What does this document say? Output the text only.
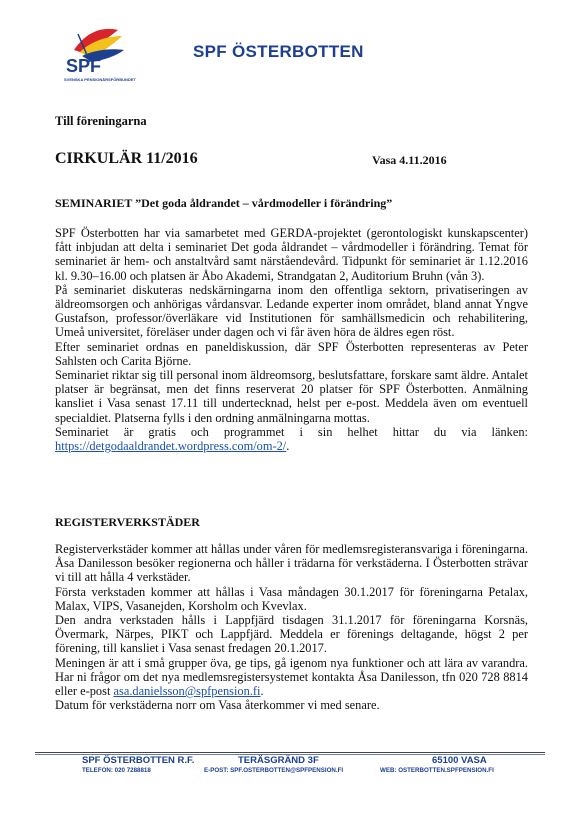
SPF
SVENSKA PENSIONÄRSFÖRBUNDET
SPF ÖSTERBOTTEN
Till föreningarna
CIRKULÄR 11/2016	Vasa 4.11.2016
SEMINARIET ”Det goda åldrandet – vårdmodeller i förändring”

SPF Österbotten har via samarbetet med GERDA-projektet (gerontologiskt kunskapscenter) fått inbjudan att delta i seminariet Det goda åldrandet – vårdmodeller i förändring. Temat för seminariet är hem- och anstaltvård samt närståendevård. Tidpunkt för seminariet är 1.12.2016 kl. 9.30–16.00 och platsen är Åbo Akademi, Strandgatan 2, Auditorium Bruhn (vån 3).

På seminariet diskuteras nedskärningarna inom den offentliga sektorn, privatiseringen av äldreomsorgen och anhörigas vårdansvar. Ledande experter inom området, bland annat Yngve Gustafson, professor/överläkare vid Institutionen för samhällsmedicin och rehabilitering, Umeå universitet, föreläser under dagen och vi får även höra de äldres egen röst.

Efter seminariet ordnas en paneldiskussion, där SPF Österbotten representeras av Peter Sahlsten och Carita Björne.

Seminariet riktar sig till personal inom äldreomsorg, beslutsfattare, forskare samt äldre. Antalet platser är begränsat, men det finns reserverat 20 platser för SPF Österbotten. Anmälning kansliet i Vasa senast 17.11 till undertecknad, helst per e-post. Meddela även om eventuell specialdiet. Platserna fylls i den ordning anmälningarna mottas.

Seminariet är gratis och programmet i sin helhet hittar du via länken: https://detgodaaldrandet.wordpress.com/om-2/.

REGISTERVERKSTÄDER

Registerverkstäder kommer att hållas under våren för medlemsregisteransvariga i föreningarna. Åsa Danilesson besöker regionerna och håller i trädarna för verkstäderna. I Österbotten strävar vi till att hålla 4 verkstäder.

Första verkstaden kommer att hållas i Vasa måndagen 30.1.2017 för föreningarna Petalax, Malax, VIPS, Vasanejden, Korsholm och Kvevlax.

Den andra verkstaden hålls i Lappfjärd tisdagen 31.1.2017 för föreningarna Korsnäs, Övermark, Närpes, PIKT och Lappfjärd. Meddela er förenings deltagande, högst 2 per förening, till kansliet i Vasa senast fredagen 20.1.2017.

Meningen är att i små grupper öva, ge tips, gå igenom nya funktioner och att lära av varandra. Har ni frågor om det nya medlemsregistersystemet kontakta Åsa Danilesson, tfn 020 728 8814 eller e-post asa.danielsson@spfpension.fi.

Datum för verkstäderna norr om Vasa återkommer vi med senare.

SPF ÖSTERBOTTEN R.F.
TELEFON: 020 7288818
TERÄSGRÄND 3F
E-POST: SPF.OSTERBOTTEN@SPFPENSION.FI
65100 VASA
WEB: OSTERBOTTEN.SPFPENSION.FI
